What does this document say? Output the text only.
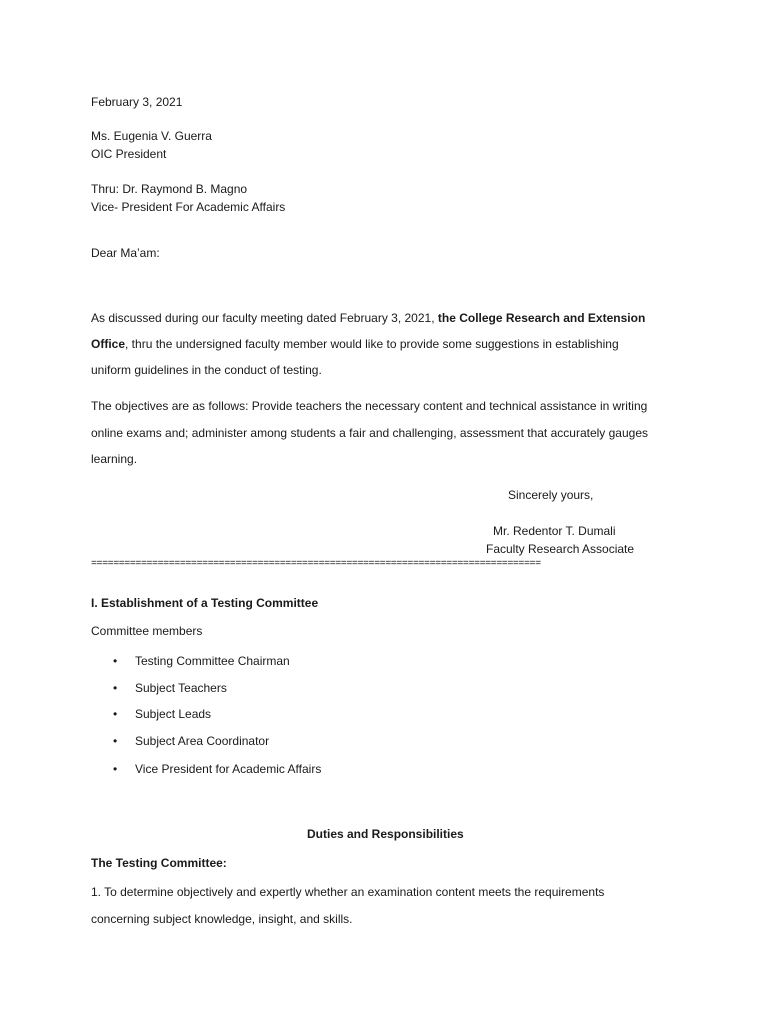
February 3, 2021
Ms. Eugenia V. Guerra
OIC President
Thru: Dr. Raymond B. Magno
Vice- President For Academic Affairs
Dear Ma’am:
As discussed during our faculty meeting dated February 3, 2021, the College Research and Extension
Office, thru the undersigned faculty member would like to provide some suggestions in establishing
uniform guidelines in the conduct of testing.
The objectives are as follows: Provide teachers the necessary content and technical assistance in writing
online exams and; administer among students a fair and challenging, assessment that accurately gauges
learning.
Sincerely yours,
Mr. Redentor T. Dumali
Faculty Research Associate
=================================================================================
I. Establishment of a Testing Committee
Committee members
• Testing Committee Chairman
• Subject Teachers
• Subject Leads
• Subject Area Coordinator
• Vice President for Academic Affairs
Duties and Responsibilities
The Testing Committee:
1. To determine objectively and expertly whether an examination content meets the requirements
concerning subject knowledge, insight, and skills.
